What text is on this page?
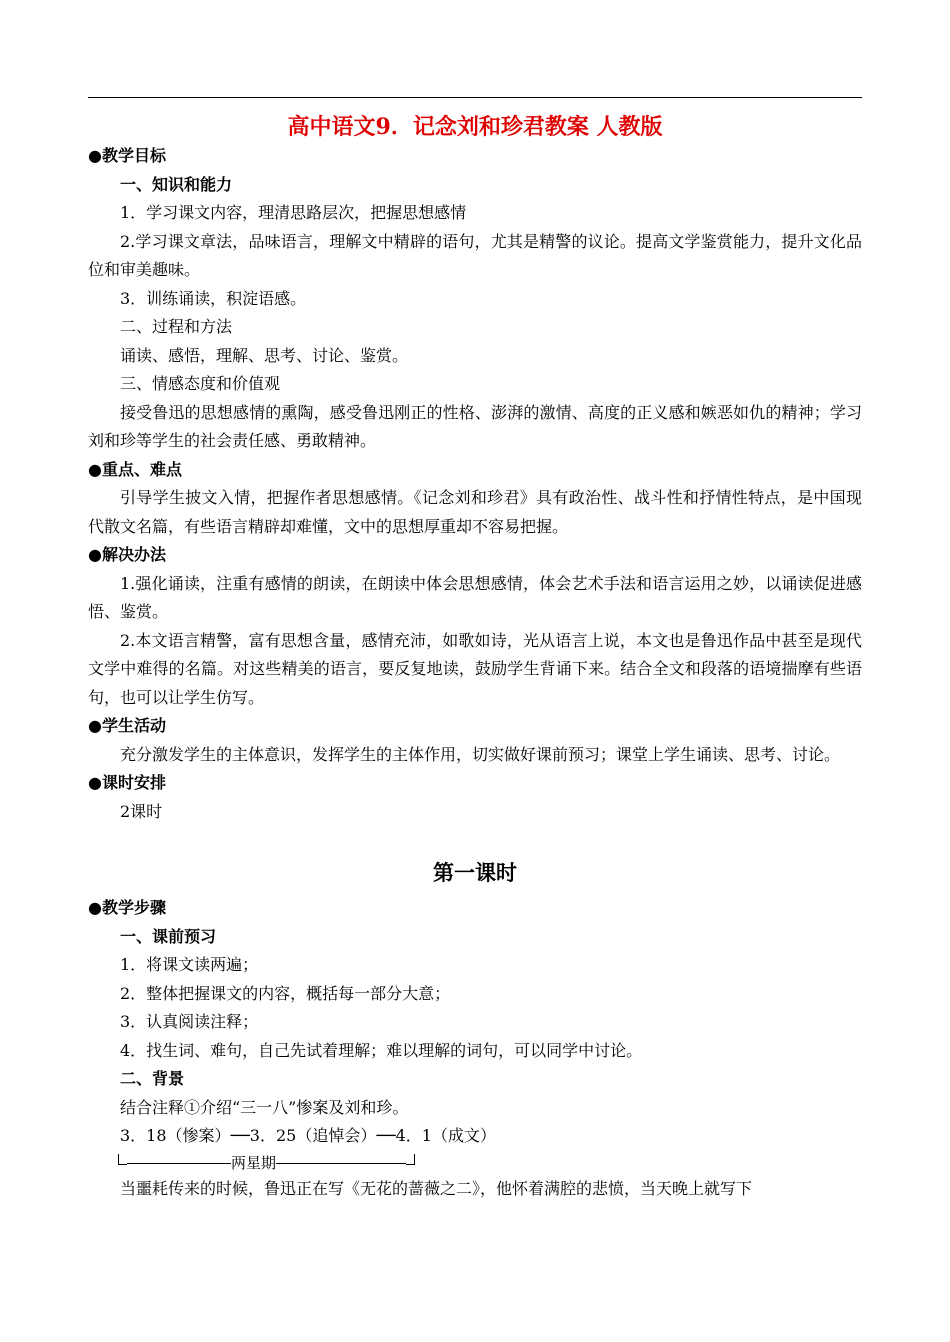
高中语文9．记念刘和珍君教案 人教版

●教学目标

一、知识和能力

1．学习课文内容，理清思路层次，把握思想感情

2.学习课文章法，品味语言，理解文中精辟的语句，尤其是精警的议论。提高文学鉴赏能力，提升文化品位和审美趣味。

3．训练诵读，积淀语感。

二、过程和方法

诵读、感悟，理解、思考、讨论、鉴赏。

三、情感态度和价值观

接受鲁迅的思想感情的熏陶，感受鲁迅刚正的性格、澎湃的激情、高度的正义感和嫉恶如仇的精神；学习刘和珍等学生的社会责任感、勇敢精神。

●重点、难点

引导学生披文入情，把握作者思想感情。《记念刘和珍君》具有政治性、战斗性和抒情性特点，是中国现代散文名篇，有些语言精辟却难懂，文中的思想厚重却不容易把握。

●解决办法

1.强化诵读，注重有感情的朗读，在朗读中体会思想感情，体会艺术手法和语言运用之妙，以诵读促进感悟、鉴赏。

2.本文语言精警，富有思想含量，感情充沛，如歌如诗，光从语言上说，本文也是鲁迅作品中甚至是现代文学中难得的名篇。对这些精美的语言，要反复地读，鼓励学生背诵下来。结合全文和段落的语境揣摩有些语句，也可以让学生仿写。

●学生活动

充分激发学生的主体意识，发挥学生的主体作用，切实做好课前预习；课堂上学生诵读、思考、讨论。

●课时安排

2课时

第一课时

●教学步骤

一、课前预习

1．将课文读两遍；

2．整体把握课文的内容，概括每一部分大意；

3．认真阅读注释；

4．找生词、难句，自己先试着理解；难以理解的词句，可以同学中讨论。

二、背景

结合注释①介绍“三一八”惨案及刘和珍。

3．18（惨案）──3．25（追悼会）──4．1（成文）

两星期

当噩耗传来的时候，鲁迅正在写《无花的蔷薇之二》，他怀着满腔的悲愤，当天晚上就写下
